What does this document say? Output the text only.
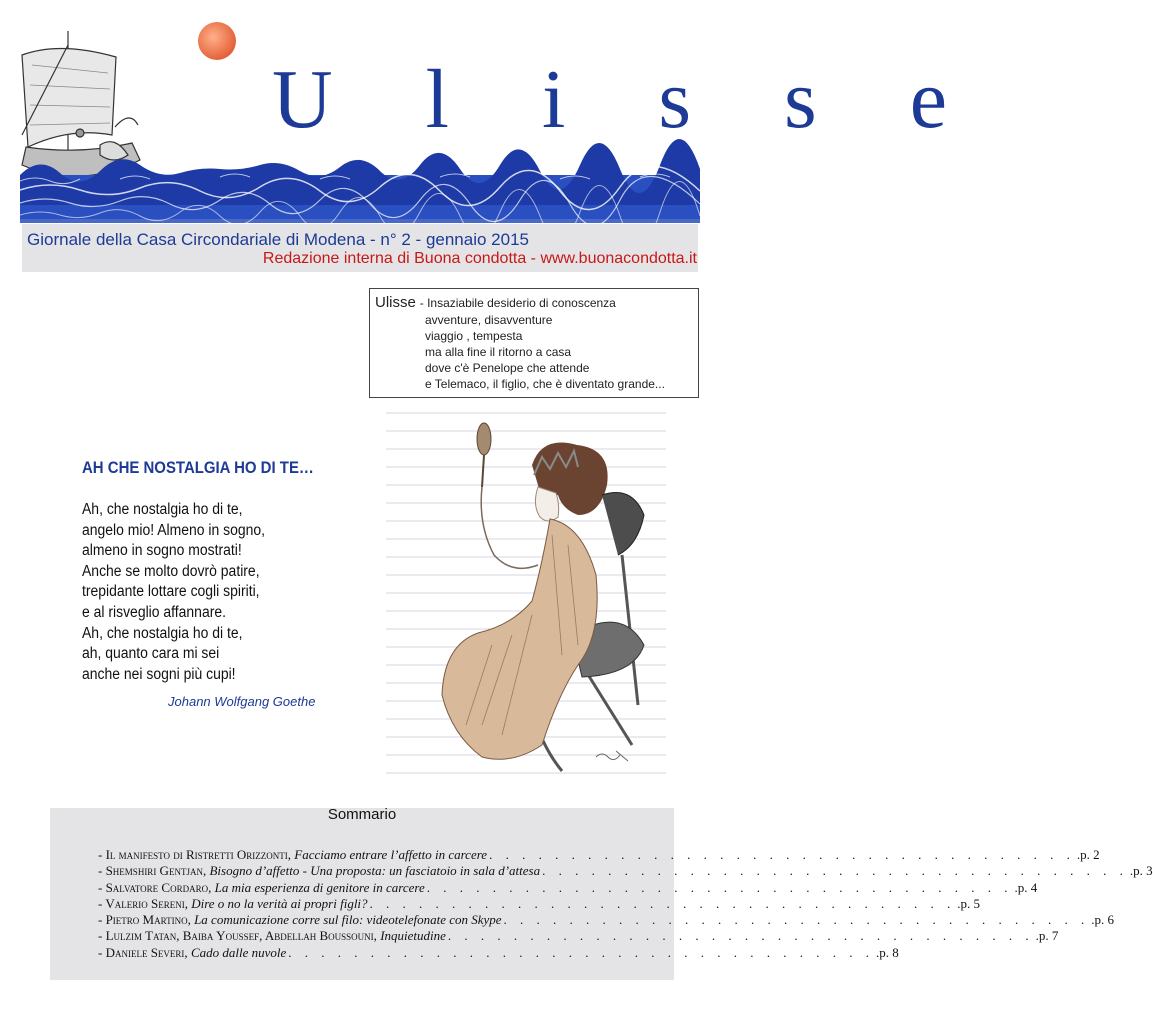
U l i s s e
Giornale della Casa Circondariale di Modena - n° 2 - gennaio 2015
Redazione interna di Buona condotta - www.buonacondotta.it
Ulisse - Insaziabile desiderio di conoscenza
avventure, disavventure
viaggio , tempesta
ma alla fine il ritorno a casa
dove c'è Penelope che attende
e Telemaco, il figlio, che è diventato grande...
AH CHE NOSTALGIA HO DI TE…
Ah, che nostalgia ho di te,
angelo mio! Almeno in sogno,
almeno in sogno mostrati!
Anche se molto dovrò patire,
trepidante lottare cogli spiriti,
e al risveglio affannare.
Ah, che nostalgia ho di te,
ah, quanto cara mi sei
anche nei sogni più cupi!
Johann Wolfgang Goethe
Sommario
- Il manifesto di Ristretti Orizzonti, Facciamo entrare l’affetto in carcere . . . . . . . . . . . . . . . . . . . . . . . . . . . . . . . . . . . . .p. 2
- Shemshiri Gentjan, Bisogno d’affetto - Una proposta: un fasciatoio in sala d’attesa . . . . . . . . . . . . . . . . . . . . . . . . . . . . . . . . . . . . .p. 3
- Salvatore Cordaro, La mia esperienza di genitore in carcere . . . . . . . . . . . . . . . . . . . . . . . . . . . . . . . . . . . . .p. 4
- Valerio Sereni, Dire o no la verità ai propri figli? . . . . . . . . . . . . . . . . . . . . . . . . . . . . . . . . . . . . .p. 5
- Pietro Martino, La comunicazione corre sul filo: videotelefonate con Skype . . . . . . . . . . . . . . . . . . . . . . . . . . . . . . . . . . . . .p. 6
- Lulzim Tatan, Baiba Youssef, Abdellah Boussouni, Inquietudine . . . . . . . . . . . . . . . . . . . . . . . . . . . . . . . . . . . . .p. 7
- Daniele Severi, Cado dalle nuvole . . . . . . . . . . . . . . . . . . . . . . . . . . . . . . . . . . . . .p. 8
